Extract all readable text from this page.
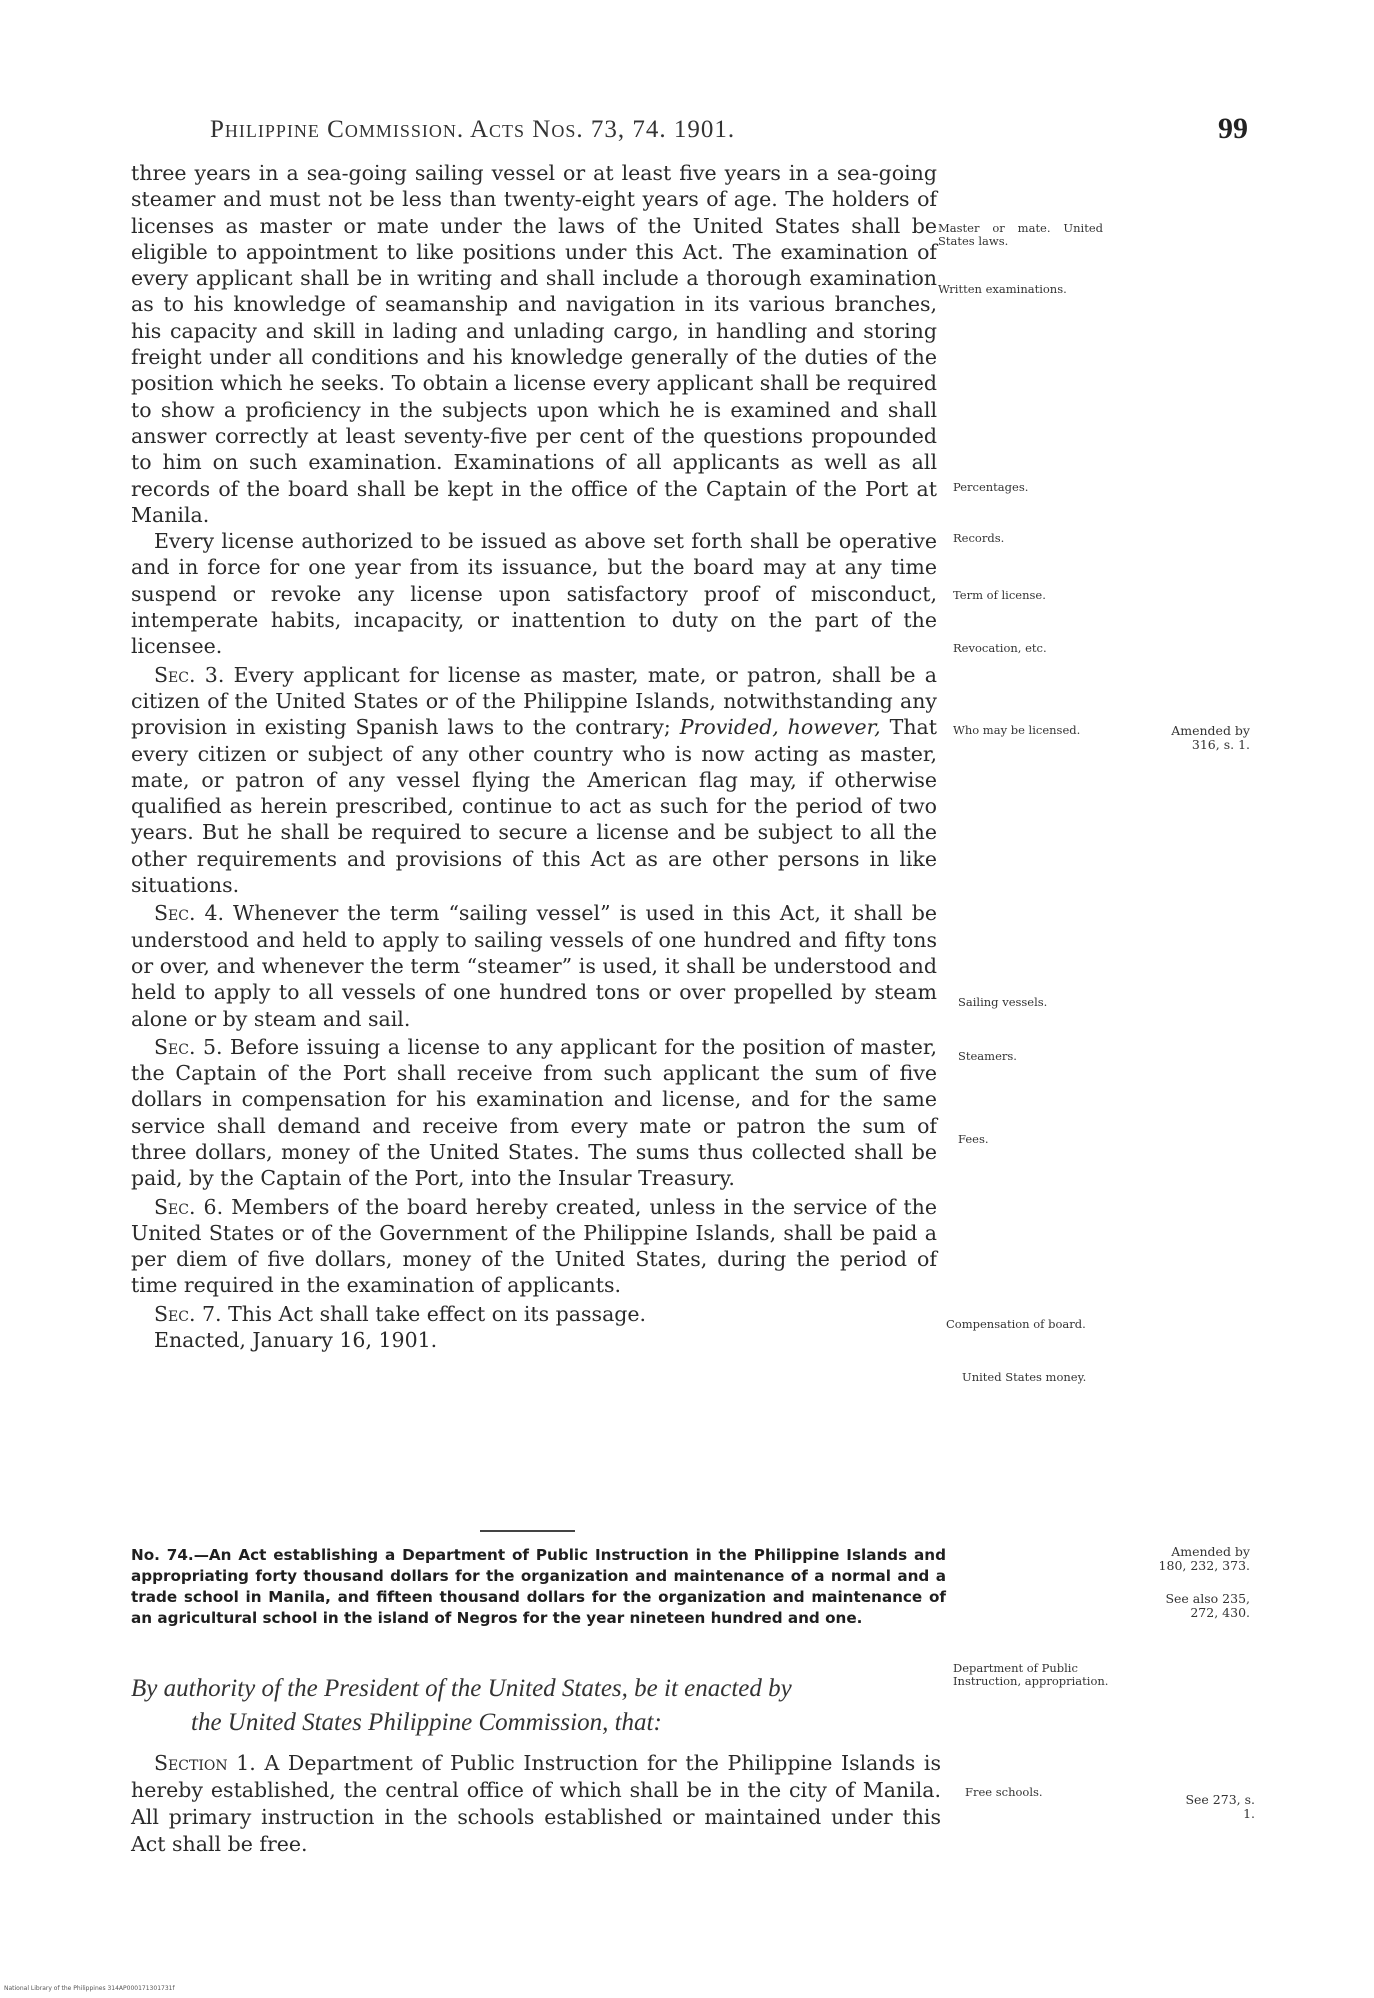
Philippine Commission. Acts Nos. 73, 74. 1901.	99

three years in a sea-going sailing vessel or at least five years in a sea-going steamer and must not be less than twenty-eight years of age. The holders of licenses as master or mate under the laws of the United States shall be eligible to appointment to like positions under this Act. The examination of every applicant shall be in writing and shall include a thorough examination as to his knowledge of seamanship and navigation in its various branches, his capacity and skill in lading and unlading cargo, in handling and storing freight under all conditions and his knowledge generally of the duties of the position which he seeks. To obtain a license every applicant shall be required to show a proficiency in the subjects upon which he is examined and shall answer correctly at least seventy-five per cent of the questions propounded to him on such examination. Examinations of all applicants as well as all records of the board shall be kept in the office of the Captain of the Port at Manila.

Every license authorized to be issued as above set forth shall be operative and in force for one year from its issuance, but the board may at any time suspend or revoke any license upon satisfactory proof of misconduct, intemperate habits, incapacity, or inattention to duty on the part of the licensee.

Sec. 3. Every applicant for license as master, mate, or patron, shall be a citizen of the United States or of the Philippine Islands, notwithstanding any provision in existing Spanish laws to the contrary; Provided, however, That every citizen or subject of any other country who is now acting as master, mate, or patron of any vessel flying the American flag may, if otherwise qualified as herein prescribed, continue to act as such for the period of two years. But he shall be required to secure a license and be subject to all the other requirements and provisions of this Act as are other persons in like situations.

Sec. 4. Whenever the term “sailing vessel” is used in this Act, it shall be understood and held to apply to sailing vessels of one hundred and fifty tons or over, and whenever the term “steamer” is used, it shall be understood and held to apply to all vessels of one hundred tons or over propelled by steam alone or by steam and sail.

Sec. 5. Before issuing a license to any applicant for the position of master, the Captain of the Port shall receive from such applicant the sum of five dollars in compensation for his examination and license, and for the same service shall demand and receive from every mate or patron the sum of three dollars, money of the United States. The sums thus collected shall be paid, by the Captain of the Port, into the Insular Treasury.

Sec. 6. Members of the board hereby created, unless in the service of the United States or of the Government of the Philippine Islands, shall be paid a per diem of five dollars, money of the United States, during the period of time required in the examination of applicants.

Sec. 7. This Act shall take effect on its passage.

Enacted, January 16, 1901.

No. 74.—An Act establishing a Department of Public Instruction in the Philippine Islands and appropriating forty thousand dollars for the organization and maintenance of a normal and a trade school in Manila, and fifteen thousand dollars for the organization and maintenance of an agricultural school in the island of Negros for the year nineteen hundred and one.
By authority of the President of the United States, be it enacted by
the United States Philippine Commission, that:

Section 1. A Department of Public Instruction for the Philippine Islands is hereby established, the central office of which shall be in the city of Manila. All primary instruction in the schools established or maintained under this Act shall be free.

Master or mate. United States laws.
Written examinations.
Percentages.
Records.
Term of license.
Revocation, etc.
Who may be licensed.
Sailing vessels.
Steamers.
Fees.
Compensation of board.
United States money.
Department of Public Instruction, appropriation.
Free schools.
Amended by 316, s. 1.
Amended by 180, 232, 373.
See also 235, 272, 430.
See 273, s. 1.
National Library of the Philippines 314AP000171301731f
